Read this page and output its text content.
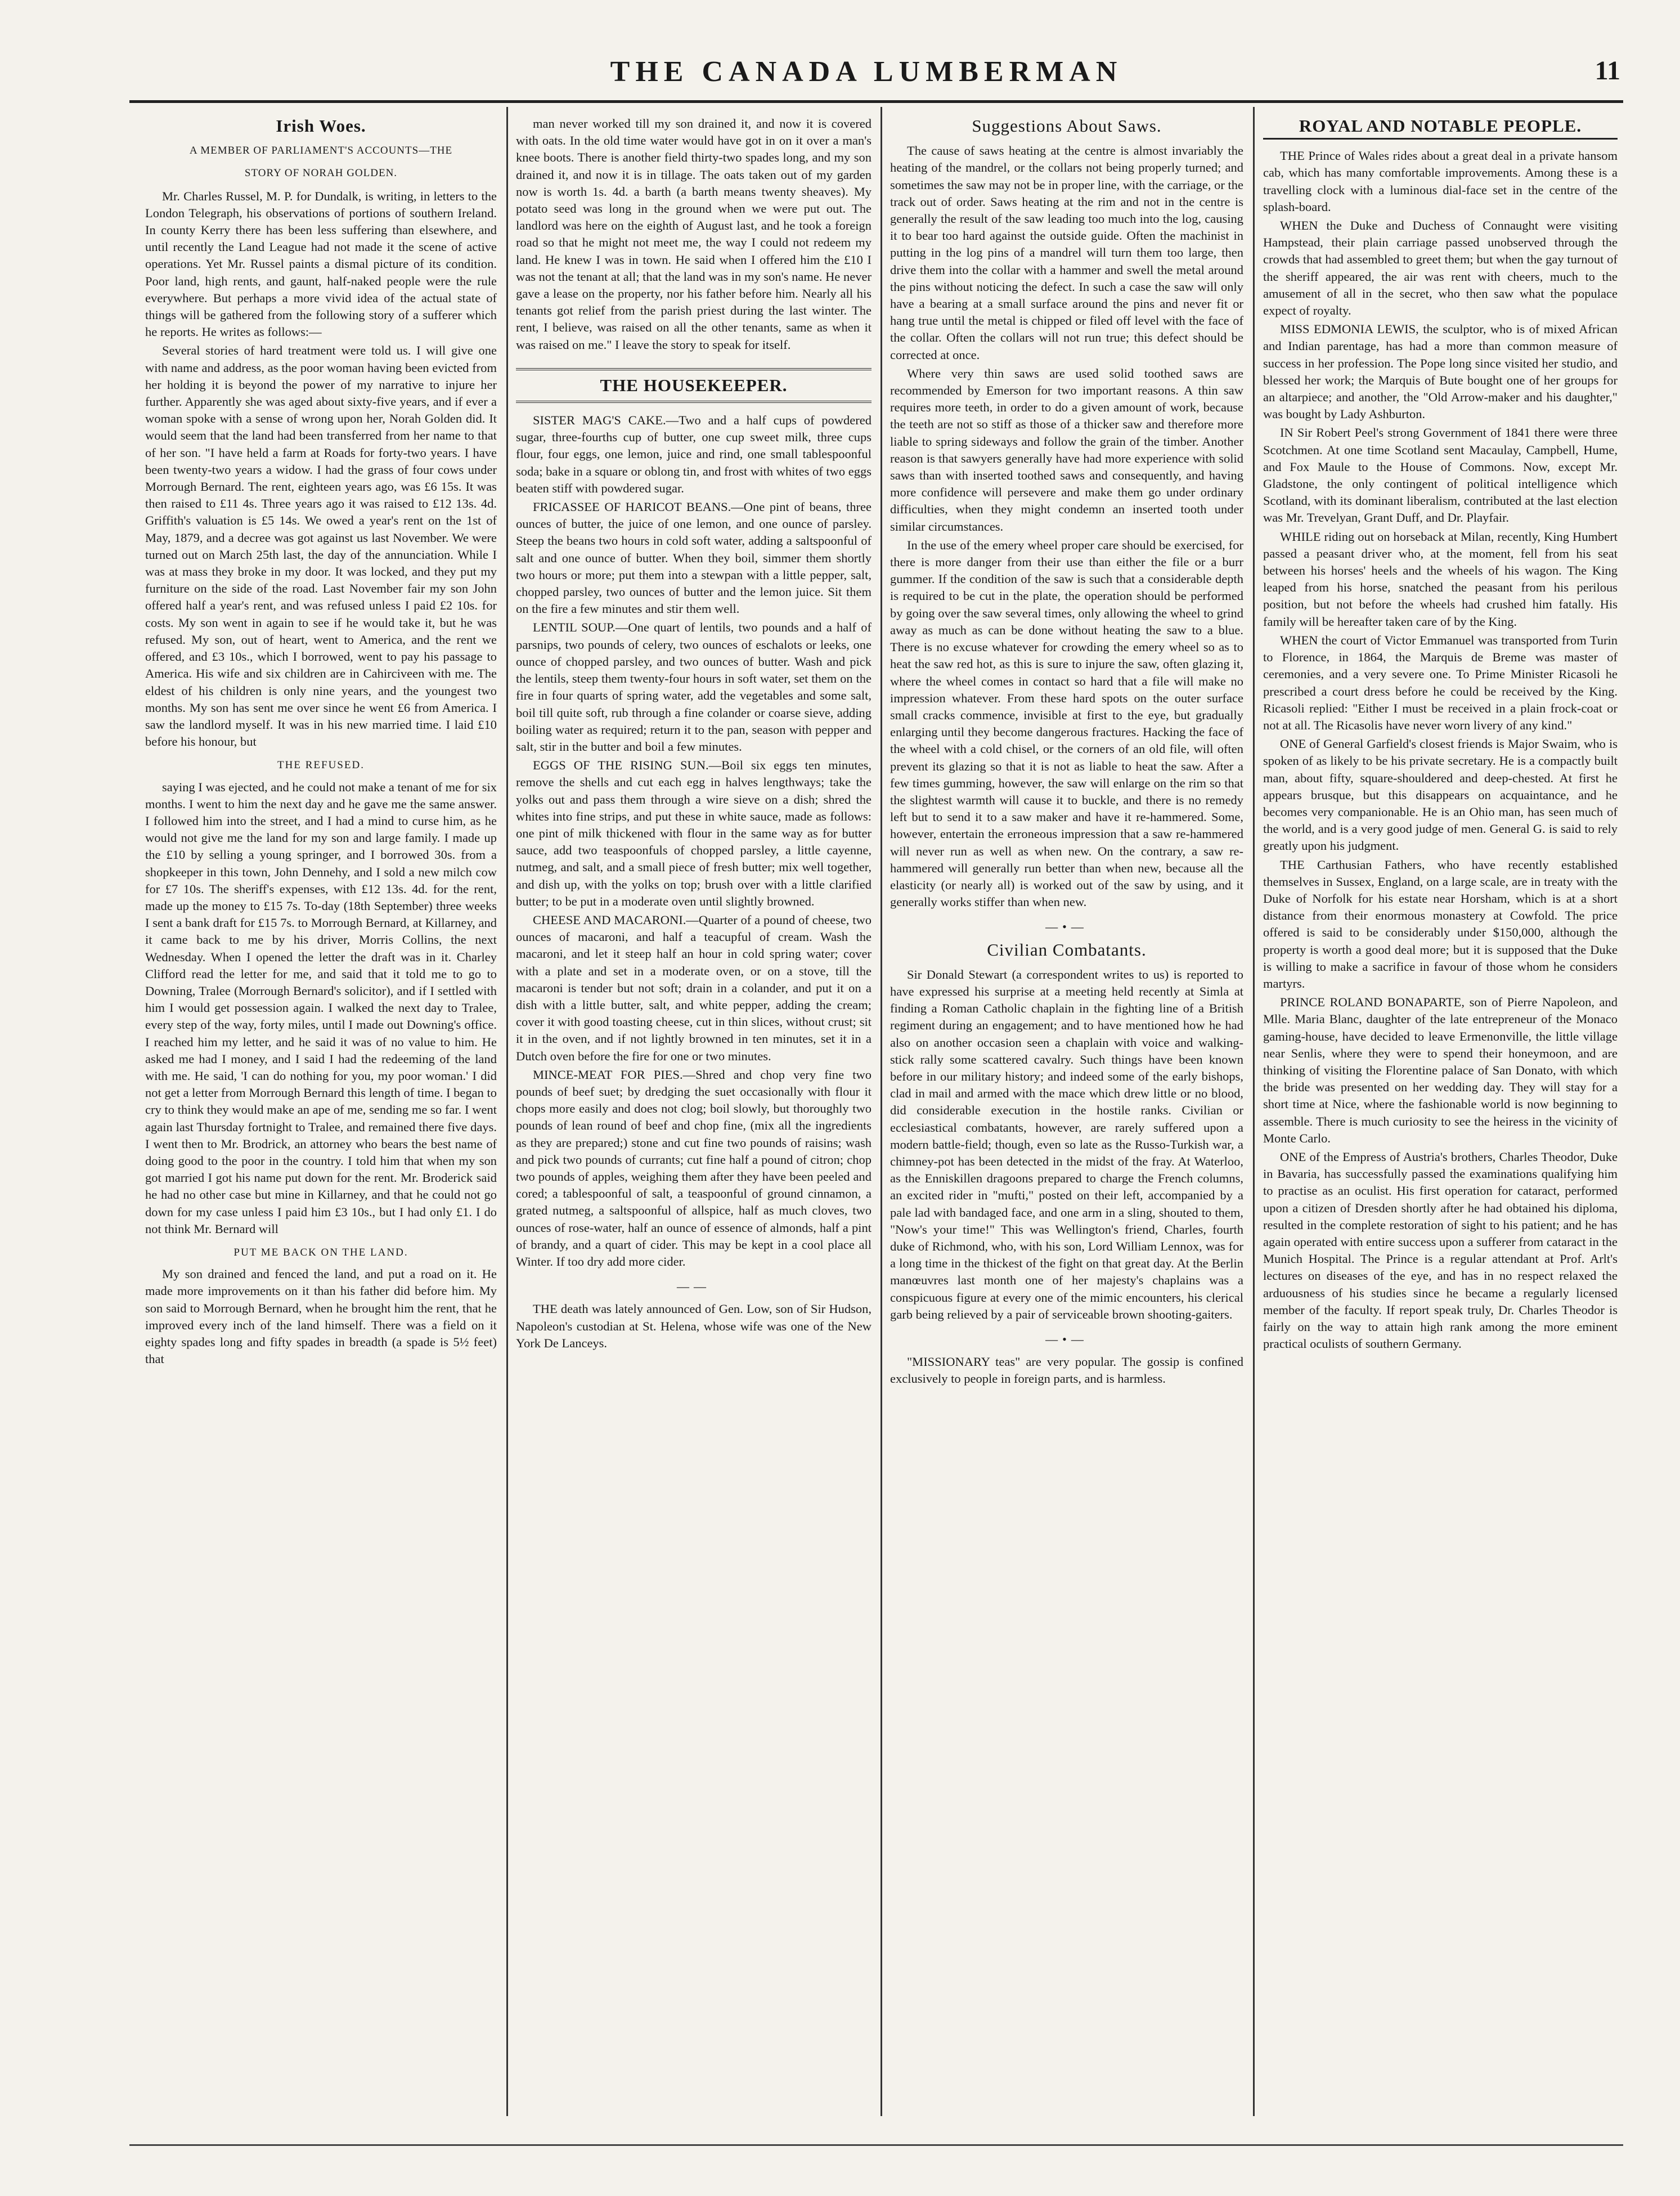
THE CANADA LUMBERMAN	11
Irish Woes.

A MEMBER OF PARLIAMENT'S ACCOUNTS—THE

STORY OF NORAH GOLDEN.

Mr. Charles Russel, M. P. for Dundalk, is writing, in letters to the London Telegraph, his observations of portions of southern Ireland. In county Kerry there has been less suffering than elsewhere, and until recently the Land League had not made it the scene of active operations. Yet Mr. Russel paints a dismal picture of its condition. Poor land, high rents, and gaunt, half-naked people were the rule everywhere. But perhaps a more vivid idea of the actual state of things will be gathered from the following story of a sufferer which he reports. He writes as follows:—

Several stories of hard treatment were told us. I will give one with name and address, as the poor woman having been evicted from her holding it is beyond the power of my narrative to injure her further. Apparently she was aged about sixty-five years, and if ever a woman spoke with a sense of wrong upon her, Norah Golden did. It would seem that the land had been transferred from her name to that of her son. "I have held a farm at Roads for forty-two years. I have been twenty-two years a widow. I had the grass of four cows under Morrough Bernard. The rent, eighteen years ago, was £6 15s. It was then raised to £11 4s. Three years ago it was raised to £12 13s. 4d. Griffith's valuation is £5 14s. We owed a year's rent on the 1st of May, 1879, and a decree was got against us last November. We were turned out on March 25th last, the day of the annunciation. While I was at mass they broke in my door. It was locked, and they put my furniture on the side of the road. Last November fair my son John offered half a year's rent, and was refused unless I paid £2 10s. for costs. My son went in again to see if he would take it, but he was refused. My son, out of heart, went to America, and the rent we offered, and £3 10s., which I borrowed, went to pay his passage to America. His wife and six children are in Cahirciveen with me. The eldest of his children is only nine years, and the youngest two months. My son has sent me over since he went £6 from America. I saw the landlord myself. It was in his new married time. I laid £10 before his honour, but

THE REFUSED.

saying I was ejected, and he could not make a tenant of me for six months. I went to him the next day and he gave me the same answer. I followed him into the street, and I had a mind to curse him, as he would not give me the land for my son and large family. I made up the £10 by selling a young springer, and I borrowed 30s. from a shopkeeper in this town, John Dennehy, and I sold a new milch cow for £7 10s. The sheriff's expenses, with £12 13s. 4d. for the rent, made up the money to £15 7s. To-day (18th September) three weeks I sent a bank draft for £15 7s. to Morrough Bernard, at Killarney, and it came back to me by his driver, Morris Collins, the next Wednesday. When I opened the letter the draft was in it. Charley Clifford read the letter for me, and said that it told me to go to Downing, Tralee (Morrough Bernard's solicitor), and if I settled with him I would get possession again. I walked the next day to Tralee, every step of the way, forty miles, until I made out Downing's office. I reached him my letter, and he said it was of no value to him. He asked me had I money, and I said I had the redeeming of the land with me. He said, 'I can do nothing for you, my poor woman.' I did not get a letter from Morrough Bernard this length of time. I began to cry to think they would make an ape of me, sending me so far. I went again last Thursday fortnight to Tralee, and remained there five days. I went then to Mr. Brodrick, an attorney who bears the best name of doing good to the poor in the country. I told him that when my son got married I got his name put down for the rent. Mr. Broderick said he had no other case but mine in Killarney, and that he could not go down for my case unless I paid him £3 10s., but I had only £1. I do not think Mr. Bernard will

PUT ME BACK ON THE LAND.

My son drained and fenced the land, and put a road on it. He made more improvements on it than his father did before him. My son said to Morrough Bernard, when he brought him the rent, that he improved every inch of the land himself. There was a field on it eighty spades long and fifty spades in breadth (a spade is 5½ feet) that

man never worked till my son drained it, and now it is covered with oats. In the old time water would have got in on it over a man's knee boots. There is another field thirty-two spades long, and my son drained it, and now it is in tillage. The oats taken out of my garden now is worth 1s. 4d. a barth (a barth means twenty sheaves). My potato seed was long in the ground when we were put out. The landlord was here on the eighth of August last, and he took a foreign road so that he might not meet me, the way I could not redeem my land. He knew I was in town. He said when I offered him the £10 I was not the tenant at all; that the land was in my son's name. He never gave a lease on the property, nor his father before him. Nearly all his tenants got relief from the parish priest during the last winter. The rent, I believe, was raised on all the other tenants, same as when it was raised on me." I leave the story to speak for itself.

THE HOUSEKEEPER.

SISTER MAG'S CAKE.—Two and a half cups of powdered sugar, three-fourths cup of butter, one cup sweet milk, three cups flour, four eggs, one lemon, juice and rind, one small tablespoonful soda; bake in a square or oblong tin, and frost with whites of two eggs beaten stiff with powdered sugar.

FRICASSEE OF HARICOT BEANS.—One pint of beans, three ounces of butter, the juice of one lemon, and one ounce of parsley. Steep the beans two hours in cold soft water, adding a saltspoonful of salt and one ounce of butter. When they boil, simmer them shortly two hours or more; put them into a stewpan with a little pepper, salt, chopped parsley, two ounces of butter and the lemon juice. Sit them on the fire a few minutes and stir them well.

LENTIL SOUP.—One quart of lentils, two pounds and a half of parsnips, two pounds of celery, two ounces of eschalots or leeks, one ounce of chopped parsley, and two ounces of butter. Wash and pick the lentils, steep them twenty-four hours in soft water, set them on the fire in four quarts of spring water, add the vegetables and some salt, boil till quite soft, rub through a fine colander or coarse sieve, adding boiling water as required; return it to the pan, season with pepper and salt, stir in the butter and boil a few minutes.

EGGS OF THE RISING SUN.—Boil six eggs ten minutes, remove the shells and cut each egg in halves lengthways; take the yolks out and pass them through a wire sieve on a dish; shred the whites into fine strips, and put these in white sauce, made as follows: one pint of milk thickened with flour in the same way as for butter sauce, add two teaspoonfuls of chopped parsley, a little cayenne, nutmeg, and salt, and a small piece of fresh butter; mix well together, and dish up, with the yolks on top; brush over with a little clarified butter; to be put in a moderate oven until slightly browned.

CHEESE AND MACARONI.—Quarter of a pound of cheese, two ounces of macaroni, and half a teacupful of cream. Wash the macaroni, and let it steep half an hour in cold spring water; cover with a plate and set in a moderate oven, or on a stove, till the macaroni is tender but not soft; drain in a colander, and put it on a dish with a little butter, salt, and white pepper, adding the cream; cover it with good toasting cheese, cut in thin slices, without crust; sit it in the oven, and if not lightly browned in ten minutes, set it in a Dutch oven before the fire for one or two minutes.

MINCE-MEAT FOR PIES.—Shred and chop very fine two pounds of beef suet; by dredging the suet occasionally with flour it chops more easily and does not clog; boil slowly, but thoroughly two pounds of lean round of beef and chop fine, (mix all the ingredients as they are prepared;) stone and cut fine two pounds of raisins; wash and pick two pounds of currants; cut fine half a pound of citron; chop two pounds of apples, weighing them after they have been peeled and cored; a tablespoonful of salt, a teaspoonful of ground cinnamon, a grated nutmeg, a saltspoonful of allspice, half as much cloves, two ounces of rose-water, half an ounce of essence of almonds, half a pint of brandy, and a quart of cider. This may be kept in a cool place all Winter. If too dry add more cider.

——

THE death was lately announced of Gen. Low, son of Sir Hudson, Napoleon's custodian at St. Helena, whose wife was one of the New York De Lanceys.

Suggestions About Saws.

The cause of saws heating at the centre is almost invariably the heating of the mandrel, or the collars not being properly turned; and sometimes the saw may not be in proper line, with the carriage, or the track out of order. Saws heating at the rim and not in the centre is generally the result of the saw leading too much into the log, causing it to bear too hard against the outside guide. Often the machinist in putting in the log pins of a mandrel will turn them too large, then drive them into the collar with a hammer and swell the metal around the pins without noticing the defect. In such a case the saw will only have a bearing at a small surface around the pins and never fit or hang true until the metal is chipped or filed off level with the face of the collar. Often the collars will not run true; this defect should be corrected at once.

Where very thin saws are used solid toothed saws are recommended by Emerson for two important reasons. A thin saw requires more teeth, in order to do a given amount of work, because the teeth are not so stiff as those of a thicker saw and therefore more liable to spring sideways and follow the grain of the timber. Another reason is that sawyers generally have had more experience with solid saws than with inserted toothed saws and consequently, and having more confidence will persevere and make them go under ordinary difficulties, when they might condemn an inserted tooth under similar circumstances.

In the use of the emery wheel proper care should be exercised, for there is more danger from their use than either the file or a burr gummer. If the condition of the saw is such that a considerable depth is required to be cut in the plate, the operation should be performed by going over the saw several times, only allowing the wheel to grind away as much as can be done without heating the saw to a blue. There is no excuse whatever for crowding the emery wheel so as to heat the saw red hot, as this is sure to injure the saw, often glazing it, where the wheel comes in contact so hard that a file will make no impression whatever. From these hard spots on the outer surface small cracks commence, invisible at first to the eye, but gradually enlarging until they become dangerous fractures. Hacking the face of the wheel with a cold chisel, or the corners of an old file, will often prevent its glazing so that it is not as liable to heat the saw. After a few times gumming, however, the saw will enlarge on the rim so that the slightest warmth will cause it to buckle, and there is no remedy left but to send it to a saw maker and have it re-hammered. Some, however, entertain the erroneous impression that a saw re-hammered will never run as well as when new. On the contrary, a saw re-hammered will generally run better than when new, because all the elasticity (or nearly all) is worked out of the saw by using, and it generally works stiffer than when new.

—•—
Civilian Combatants.

Sir Donald Stewart (a correspondent writes to us) is reported to have expressed his surprise at a meeting held recently at Simla at finding a Roman Catholic chaplain in the fighting line of a British regiment during an engagement; and to have mentioned how he had also on another occasion seen a chaplain with voice and walking-stick rally some scattered cavalry. Such things have been known before in our military history; and indeed some of the early bishops, clad in mail and armed with the mace which drew little or no blood, did considerable execution in the hostile ranks. Civilian or ecclesiastical combatants, however, are rarely suffered upon a modern battle-field; though, even so late as the Russo-Turkish war, a chimney-pot has been detected in the midst of the fray. At Waterloo, as the Enniskillen dragoons prepared to charge the French columns, an excited rider in "mufti," posted on their left, accompanied by a pale lad with bandaged face, and one arm in a sling, shouted to them, "Now's your time!" This was Wellington's friend, Charles, fourth duke of Richmond, who, with his son, Lord William Lennox, was for a long time in the thickest of the fight on that great day. At the Berlin manœuvres last month one of her majesty's chaplains was a conspicuous figure at every one of the mimic encounters, his clerical garb being relieved by a pair of serviceable brown shooting-gaiters.

—•—

"MISSIONARY teas" are very popular. The gossip is confined exclusively to people in foreign parts, and is harmless.

ROYAL AND NOTABLE PEOPLE.

THE Prince of Wales rides about a great deal in a private hansom cab, which has many comfortable improvements. Among these is a travelling clock with a luminous dial-face set in the centre of the splash-board.

WHEN the Duke and Duchess of Connaught were visiting Hampstead, their plain carriage passed unobserved through the crowds that had assembled to greet them; but when the gay turnout of the sheriff appeared, the air was rent with cheers, much to the amusement of all in the secret, who then saw what the populace expect of royalty.

MISS EDMONIA LEWIS, the sculptor, who is of mixed African and Indian parentage, has had a more than common measure of success in her profession. The Pope long since visited her studio, and blessed her work; the Marquis of Bute bought one of her groups for an altarpiece; and another, the "Old Arrow-maker and his daughter," was bought by Lady Ashburton.

IN Sir Robert Peel's strong Government of 1841 there were three Scotchmen. At one time Scotland sent Macaulay, Campbell, Hume, and Fox Maule to the House of Commons. Now, except Mr. Gladstone, the only contingent of political intelligence which Scotland, with its dominant liberalism, contributed at the last election was Mr. Trevelyan, Grant Duff, and Dr. Playfair.

WHILE riding out on horseback at Milan, recently, King Humbert passed a peasant driver who, at the moment, fell from his seat between his horses' heels and the wheels of his wagon. The King leaped from his horse, snatched the peasant from his perilous position, but not before the wheels had crushed him fatally. His family will be hereafter taken care of by the King.

WHEN the court of Victor Emmanuel was transported from Turin to Florence, in 1864, the Marquis de Breme was master of ceremonies, and a very severe one. To Prime Minister Ricasoli he prescribed a court dress before he could be received by the King. Ricasoli replied: "Either I must be received in a plain frock-coat or not at all. The Ricasolis have never worn livery of any kind."

ONE of General Garfield's closest friends is Major Swaim, who is spoken of as likely to be his private secretary. He is a compactly built man, about fifty, square-shouldered and deep-chested. At first he appears brusque, but this disappears on acquaintance, and he becomes very companionable. He is an Ohio man, has seen much of the world, and is a very good judge of men. General G. is said to rely greatly upon his judgment.

THE Carthusian Fathers, who have recently established themselves in Sussex, England, on a large scale, are in treaty with the Duke of Norfolk for his estate near Horsham, which is at a short distance from their enormous monastery at Cowfold. The price offered is said to be considerably under $150,000, although the property is worth a good deal more; but it is supposed that the Duke is willing to make a sacrifice in favour of those whom he considers martyrs.

PRINCE ROLAND BONAPARTE, son of Pierre Napoleon, and Mlle. Maria Blanc, daughter of the late entrepreneur of the Monaco gaming-house, have decided to leave Ermenonville, the little village near Senlis, where they were to spend their honeymoon, and are thinking of visiting the Florentine palace of San Donato, with which the bride was presented on her wedding day. They will stay for a short time at Nice, where the fashionable world is now beginning to assemble. There is much curiosity to see the heiress in the vicinity of Monte Carlo.

ONE of the Empress of Austria's brothers, Charles Theodor, Duke in Bavaria, has successfully passed the examinations qualifying him to practise as an oculist. His first operation for cataract, performed upon a citizen of Dresden shortly after he had obtained his diploma, resulted in the complete restoration of sight to his patient; and he has again operated with entire success upon a sufferer from cataract in the Munich Hospital. The Prince is a regular attendant at Prof. Arlt's lectures on diseases of the eye, and has in no respect relaxed the arduousness of his studies since he became a regularly licensed member of the faculty. If report speak truly, Dr. Charles Theodor is fairly on the way to attain high rank among the more eminent practical oculists of southern Germany.
